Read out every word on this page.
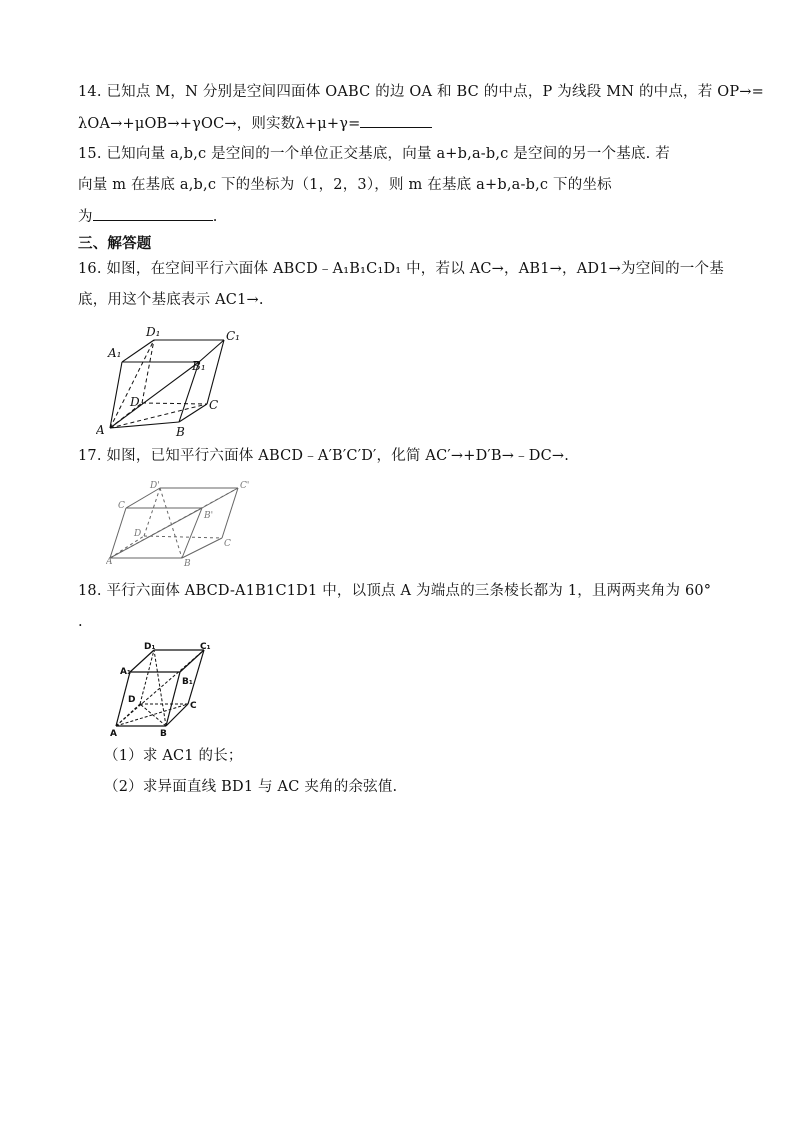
14. 已知点 M，N 分别是空间四面体 OABC 的边 OA 和 BC 的中点，P 为线段 MN 的中点，若 OP→=
λOA→+μOB→+γOC→，则实数λ+μ+γ=
15. 已知向量 a,b,c 是空间的一个单位正交基底，向量 a+b,a-b,c 是空间的另一个基底. 若
向量 m 在基底 a,b,c 下的坐标为（1，2，3），则 m 在基底 a+b,a-b,c 下的坐标
为	.
三、解答题
16. 如图，在空间平行六面体 ABCD﹣A₁B₁C₁D₁ 中，若以 AC→，AB1→，AD1→为空间的一个基
底，用这个基底表示 AC1→.
A	B
C
D
A₁
B₁
C₁
D₁
17. 如图，已知平行六面体 ABCD﹣A′B′C′D′，化简 AC′→+D′B→﹣DC→.
A	B
C
D
C
D'	C'
B'
18. 平行六面体 ABCD-A1B1C1D1 中，以顶点 A 为端点的三条棱长都为 1，且两两夹角为 60°
.
A	B
C
D
A₁
B₁
C₁
D₁
（1）求 AC1 的长；
（2）求异面直线 BD1 与 AC 夹角的余弦值.
